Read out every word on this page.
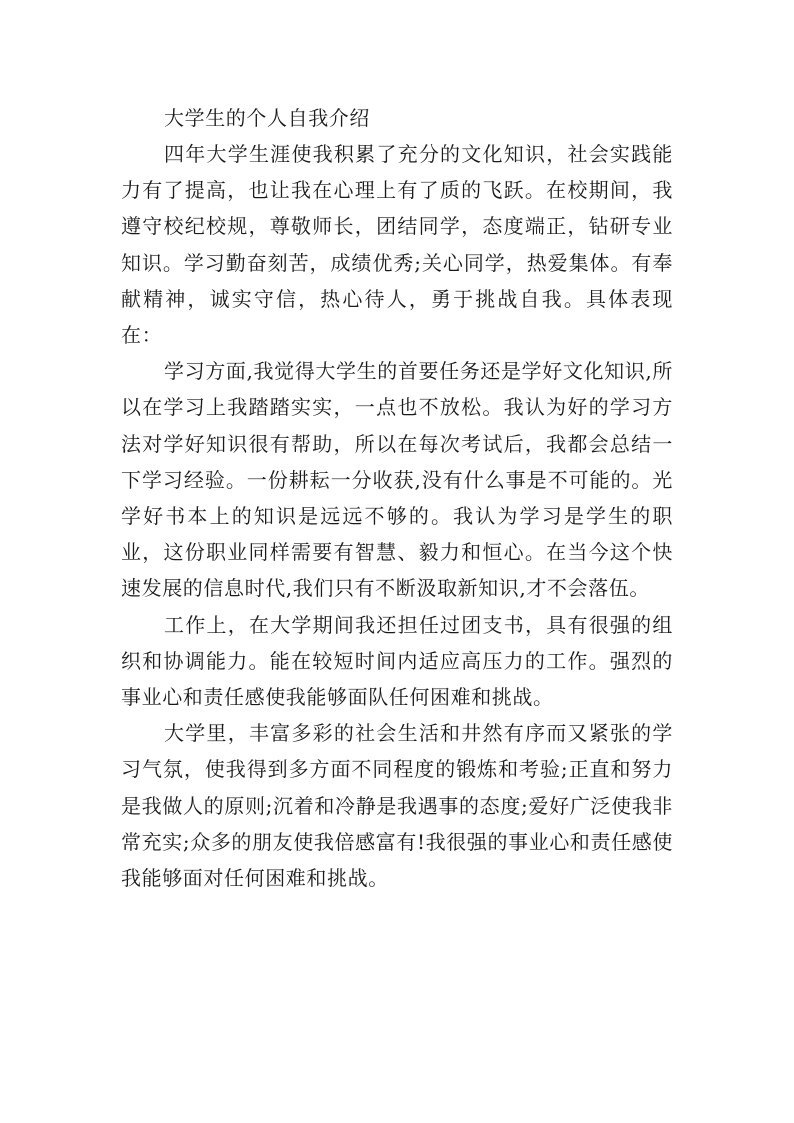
大学生的个人自我介绍

四年大学生涯使我积累了充分的文化知识，社会实践能力有了提高，也让我在心理上有了质的飞跃。在校期间，我遵守校纪校规，尊敬师长，团结同学，态度端正，钻研专业知识。学习勤奋刻苦，成绩优秀;关心同学，热爱集体。有奉献精神，诚实守信，热心待人，勇于挑战自我。具体表现在：

学习方面,我觉得大学生的首要任务还是学好文化知识,所以在学习上我踏踏实实，一点也不放松。我认为好的学习方法对学好知识很有帮助，所以在每次考试后，我都会总结一下学习经验。一份耕耘一分收获,没有什么事是不可能的。光学好书本上的知识是远远不够的。我认为学习是学生的职业，这份职业同样需要有智慧、毅力和恒心。在当今这个快速发展的信息时代,我们只有不断汲取新知识,才不会落伍。

工作上，在大学期间我还担任过团支书，具有很强的组织和协调能力。能在较短时间内适应高压力的工作。强烈的事业心和责任感使我能够面队任何困难和挑战。

大学里，丰富多彩的社会生活和井然有序而又紧张的学习气氛，使我得到多方面不同程度的锻炼和考验;正直和努力是我做人的原则;沉着和冷静是我遇事的态度;爱好广泛使我非常充实;众多的朋友使我倍感富有!我很强的事业心和责任感使我能够面对任何困难和挑战。
